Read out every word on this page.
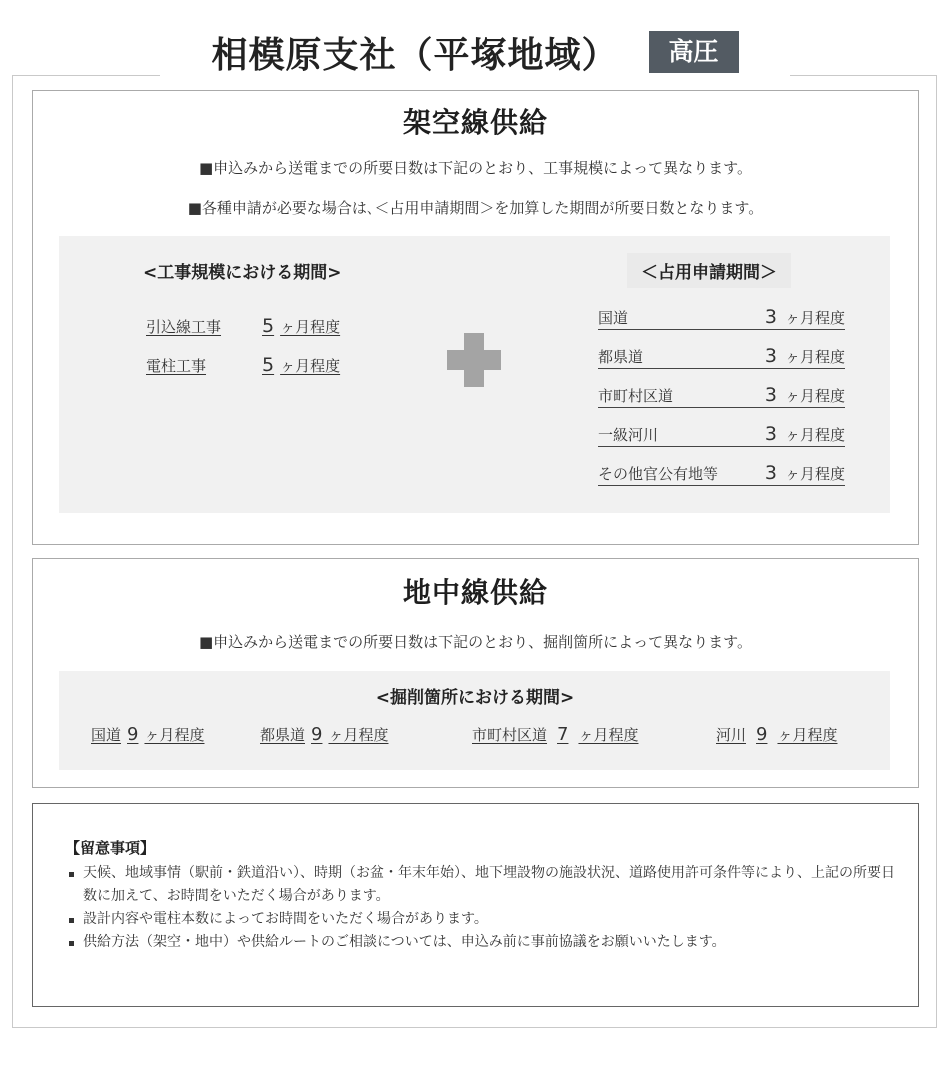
相模原支社（平塚地域）	高圧
架空線供給
■申込みから送電までの所要日数は下記のとおり、工事規模によって異なります。
■各種申請が必要な場合は､＜占用申請期間＞を加算した期間が所要日数となります。
<工事規模における期間>
引込線工事	5 ヶ月程度
電柱工事	5 ヶ月程度
＜占用申請期間＞
国道	3 ヶ月程度
都県道	3 ヶ月程度
市町村区道	3 ヶ月程度
一級河川	3 ヶ月程度
その他官公有地等	3 ヶ月程度
地中線供給
■申込みから送電までの所要日数は下記のとおり、掘削箇所によって異なります。
<掘削箇所における期間>
国道 9 ヶ月程度	都県道 9 ヶ月程度	市町村区道 7 ヶ月程度	河川 9 ヶ月程度
【留意事項】
天候、地域事情（駅前・鉄道沿い）、時期（お盆・年末年始）、地下埋設物の施設状況、道路使用許可条件等により、上記の所要日数に加えて、お時間をいただく場合があります。
設計内容や電柱本数によってお時間をいただく場合があります。
供給方法（架空・地中）や供給ルートのご相談については、申込み前に事前協議をお願いいたします。
